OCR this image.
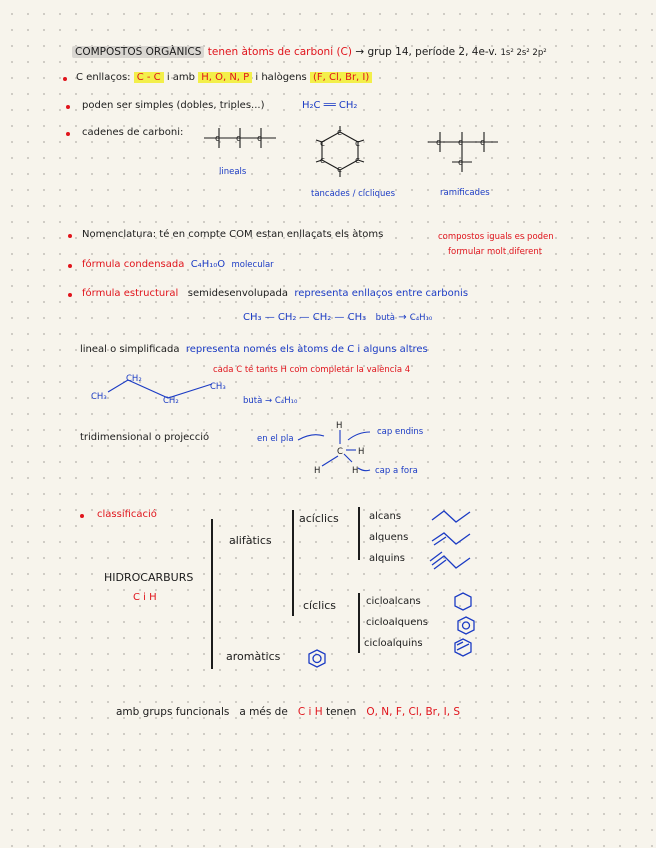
COMPOSTOS ORGÀNICS tenen àtoms de carboni (C) → grup 14, període 2, 4e-v. 1s² 2s² 2p²
C enllaços: C - C i amb H, O, N, P i halògens (F, Cl, Br, I)
poden ser simples (dobles, triples...)	H₂C ══ CH₂
cadenes de carboni:
c c c
c
c	c
c	c
c
c c c
c
lineals
tancades / cícliques	ramificades
Nomenclatura: té en compte COM estan enllaçats els àtoms	compostos iguals es poden
formular molt diferent
fórmula condensada C₄H₁₀O molecular
fórmula estructural semidesenvolupada representa enllaços entre carbonis
CH₃ — CH₂ — CH₂ — CH₃ butà → C₄H₁₀
lineal o simplificada representa només els àtoms de C i alguns altres
cada C té tants H com completar la valència 4
CH₃
CH₂
CH₂
CH₃
butà → C₄H₁₀
tridimensional o projecció	en el pla
H
C H
H	H
cap endins
cap a fora
classificació
HIDROCARBURS
C i H
alifàtics
acíclics
cíclics
aromàtics
alcans
alquens
alquins
cicloalcans
cicloalquens
cicloalquins
amb grups funcionals a més de C i H tenen O, N, F, Cl, Br, I, S
